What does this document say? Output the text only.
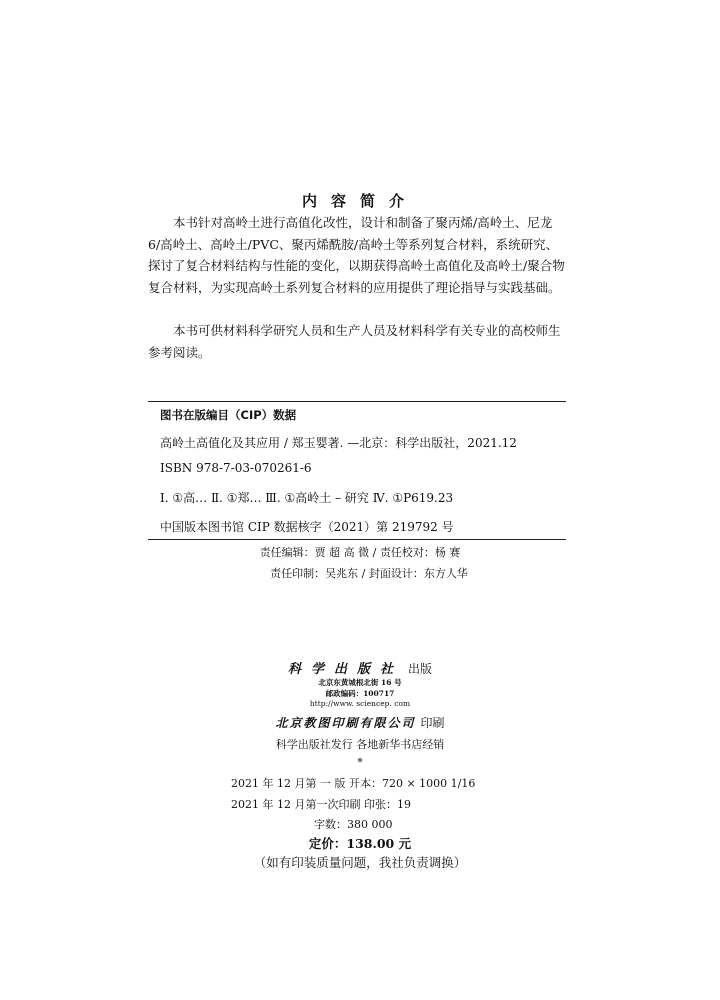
内容简介
本书针对高岭土进行高值化改性，设计和制备了聚丙烯/高岭土、尼龙 6/高岭土、高岭土/PVC、聚丙烯酰胺/高岭土等系列复合材料，系统研究、探讨了复合材料结构与性能的变化，以期获得高岭土高值化及高岭土/聚合物复合材料，为实现高岭土系列复合材料的应用提供了理论指导与实践基础。
本书可供材料科学研究人员和生产人员及材料科学有关专业的高校师生参考阅读。
图书在版编目（CIP）数据
高岭土高值化及其应用 / 郑玉婴著. —北京：科学出版社，2021.12
ISBN 978-7-03-070261-6
Ⅰ. ①高… Ⅱ. ①郑… Ⅲ. ①高岭土 – 研究 Ⅳ. ①P619.23
中国版本图书馆 CIP 数据核字（2021）第 219792 号
责任编辑：贾 超 高 微 / 责任校对：杨 赛
责任印制：吴兆东 / 封面设计：东方人华
科学出版社 出版
北京东黄城根北街 16 号
邮政编码：100717
http://www. sciencep. com
北京教图印刷有限公司 印刷
科学出版社发行 各地新华书店经销
*
2021 年 12 月第 一 版 开本：720 × 1000 1/16
2021 年 12 月第一次印刷 印张：19
字数：380 000
定价：138.00 元
（如有印装质量问题，我社负责调换）
